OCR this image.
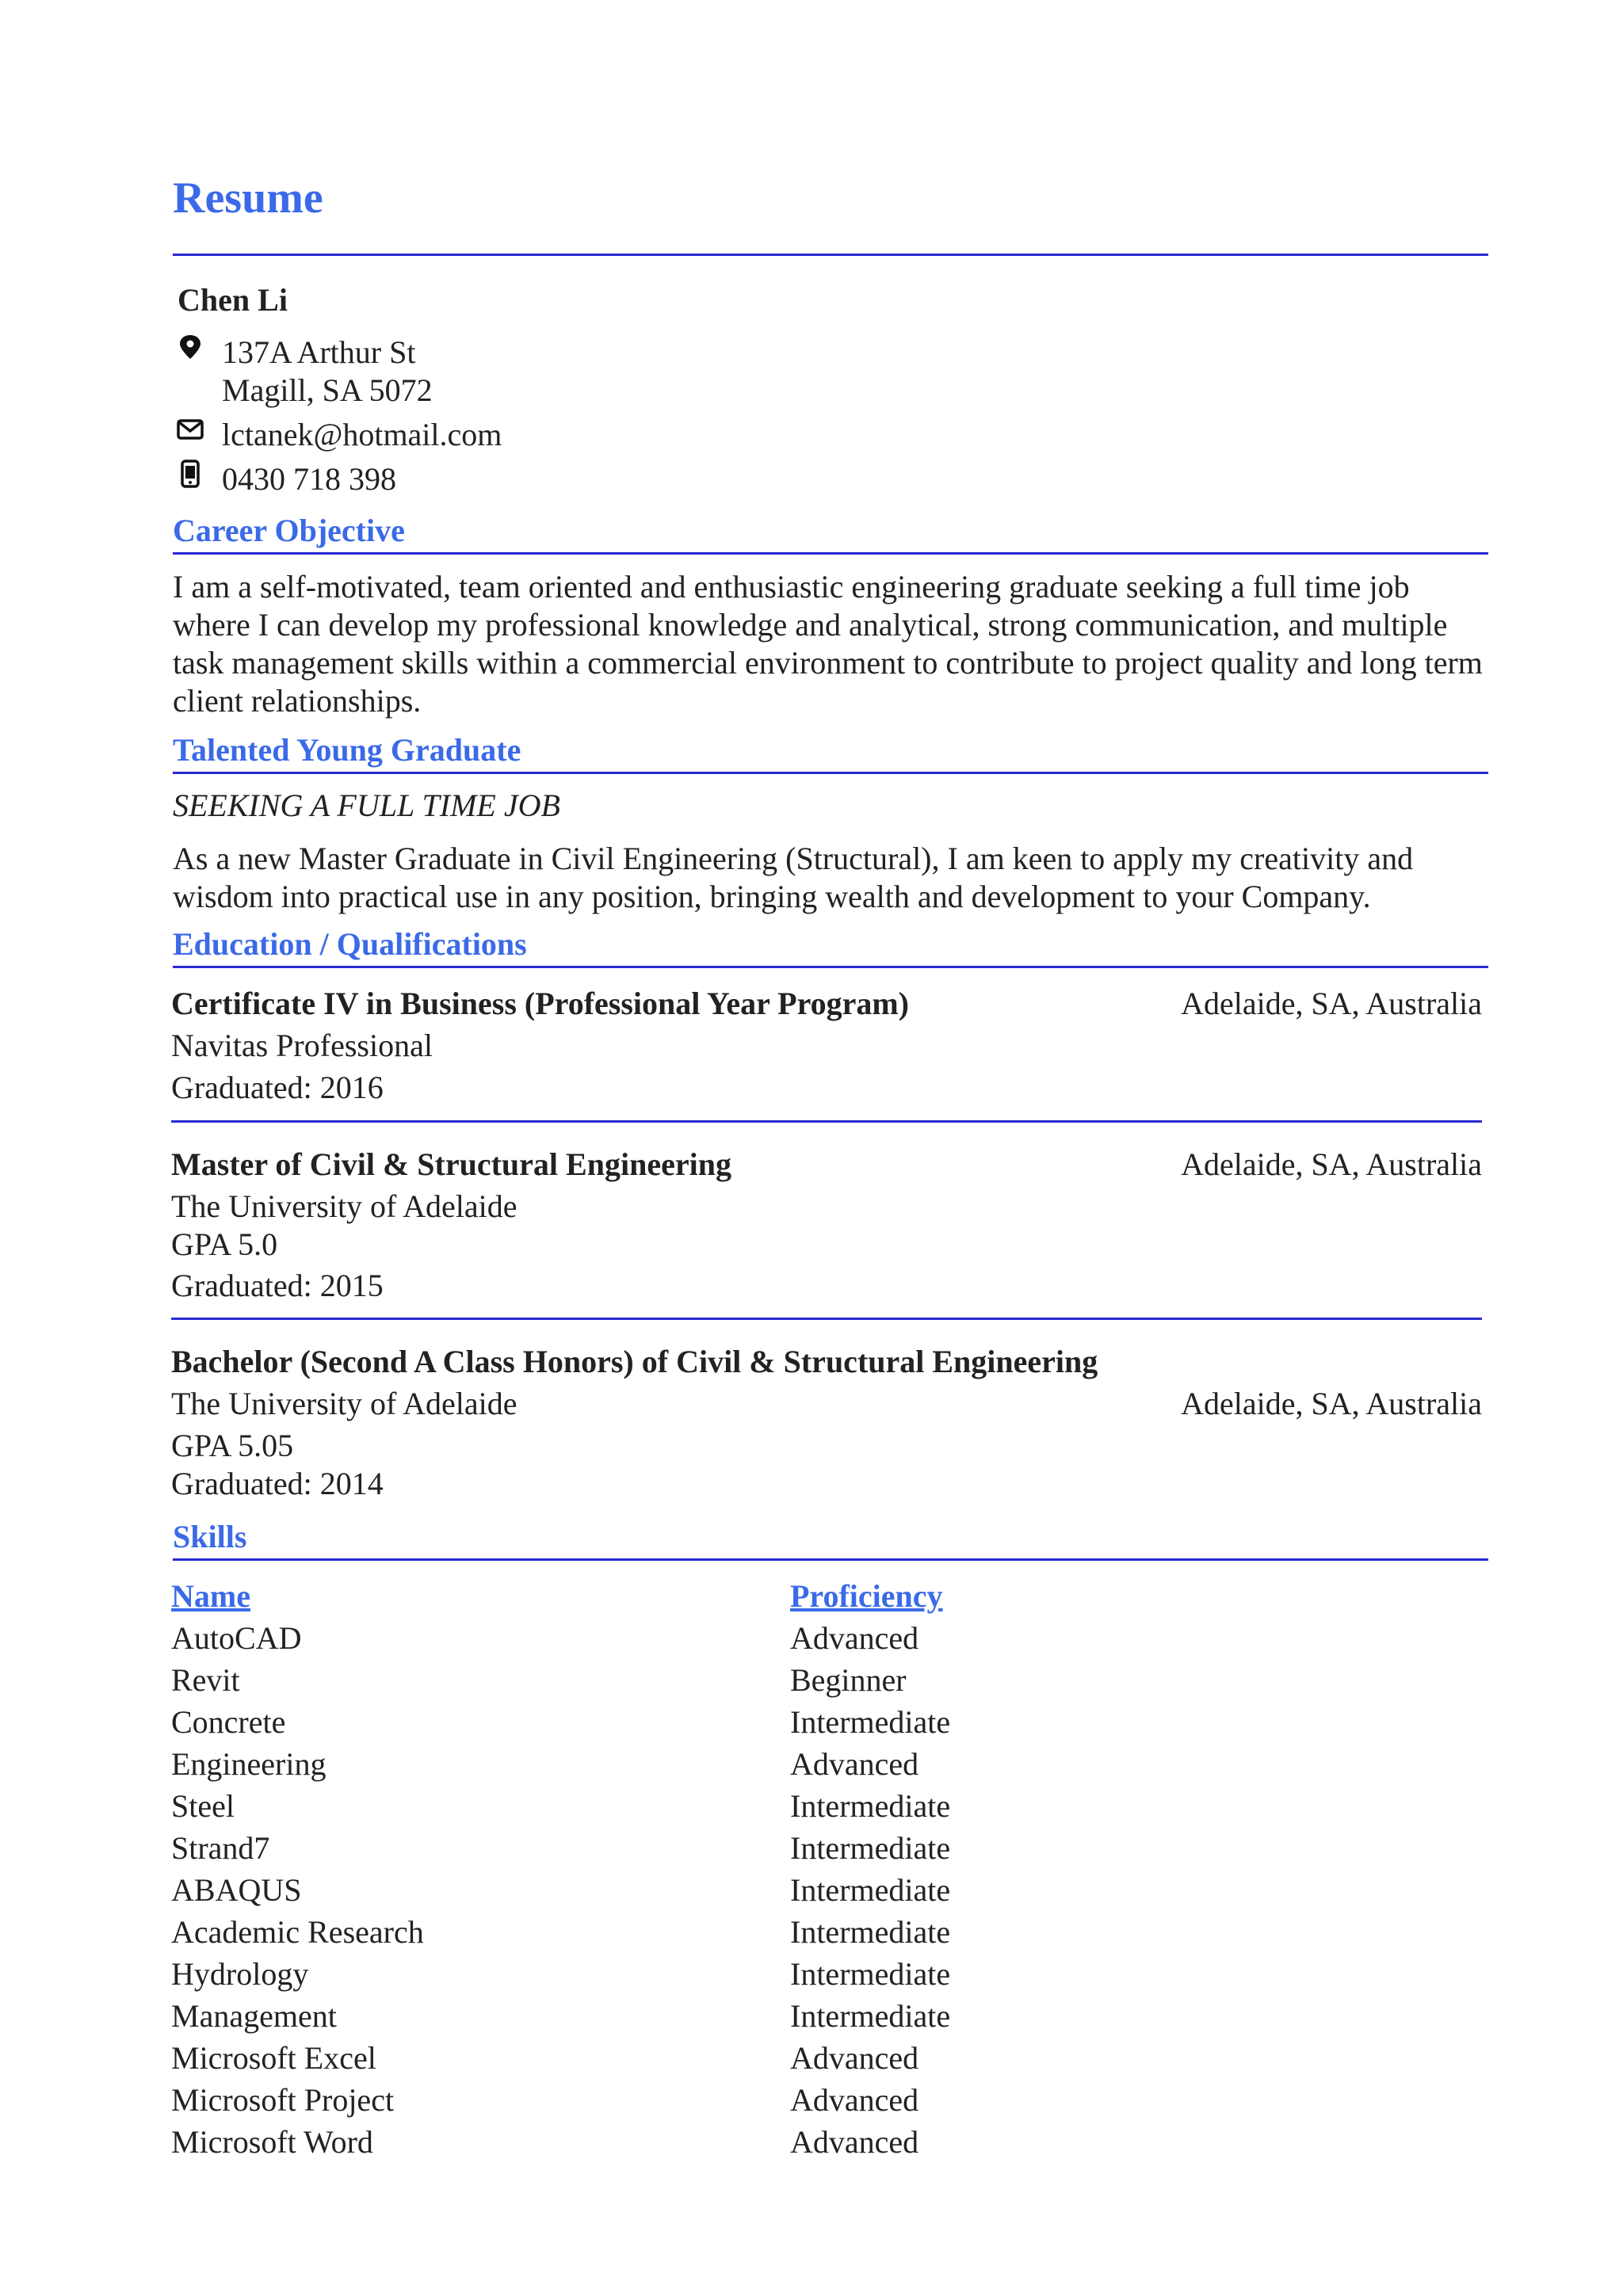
Resume
Chen Li
137A Arthur St
Magill, SA 5072
lctanek@hotmail.com
0430 718 398
Career Objective
I am a self-motivated, team oriented and enthusiastic engineering graduate seeking a full time job where I can develop my professional knowledge and analytical, strong communication, and multiple task management skills within a commercial environment to contribute to project quality and long term client relationships.
Talented Young Graduate
SEEKING A FULL TIME JOB
As a new Master Graduate in Civil Engineering (Structural), I am keen to apply my creativity and wisdom into practical use in any position, bringing wealth and development to your Company.
Education / Qualifications
Certificate IV in Business (Professional Year Program)	Adelaide, SA, Australia
Navitas Professional
Graduated: 2016
Master of Civil & Structural Engineering	Adelaide, SA, Australia
The University of Adelaide
GPA 5.0
Graduated: 2015
Bachelor (Second A Class Honors) of Civil & Structural Engineering
The University of Adelaide	Adelaide, SA, Australia
GPA 5.05
Graduated: 2014
Skills
Name	Proficiency
AutoCAD	Advanced
Revit	Beginner
Concrete	Intermediate
Engineering	Advanced
Steel	Intermediate
Strand7	Intermediate
ABAQUS	Intermediate
Academic Research	Intermediate
Hydrology	Intermediate
Management	Intermediate
Microsoft Excel	Advanced
Microsoft Project	Advanced
Microsoft Word	Advanced
